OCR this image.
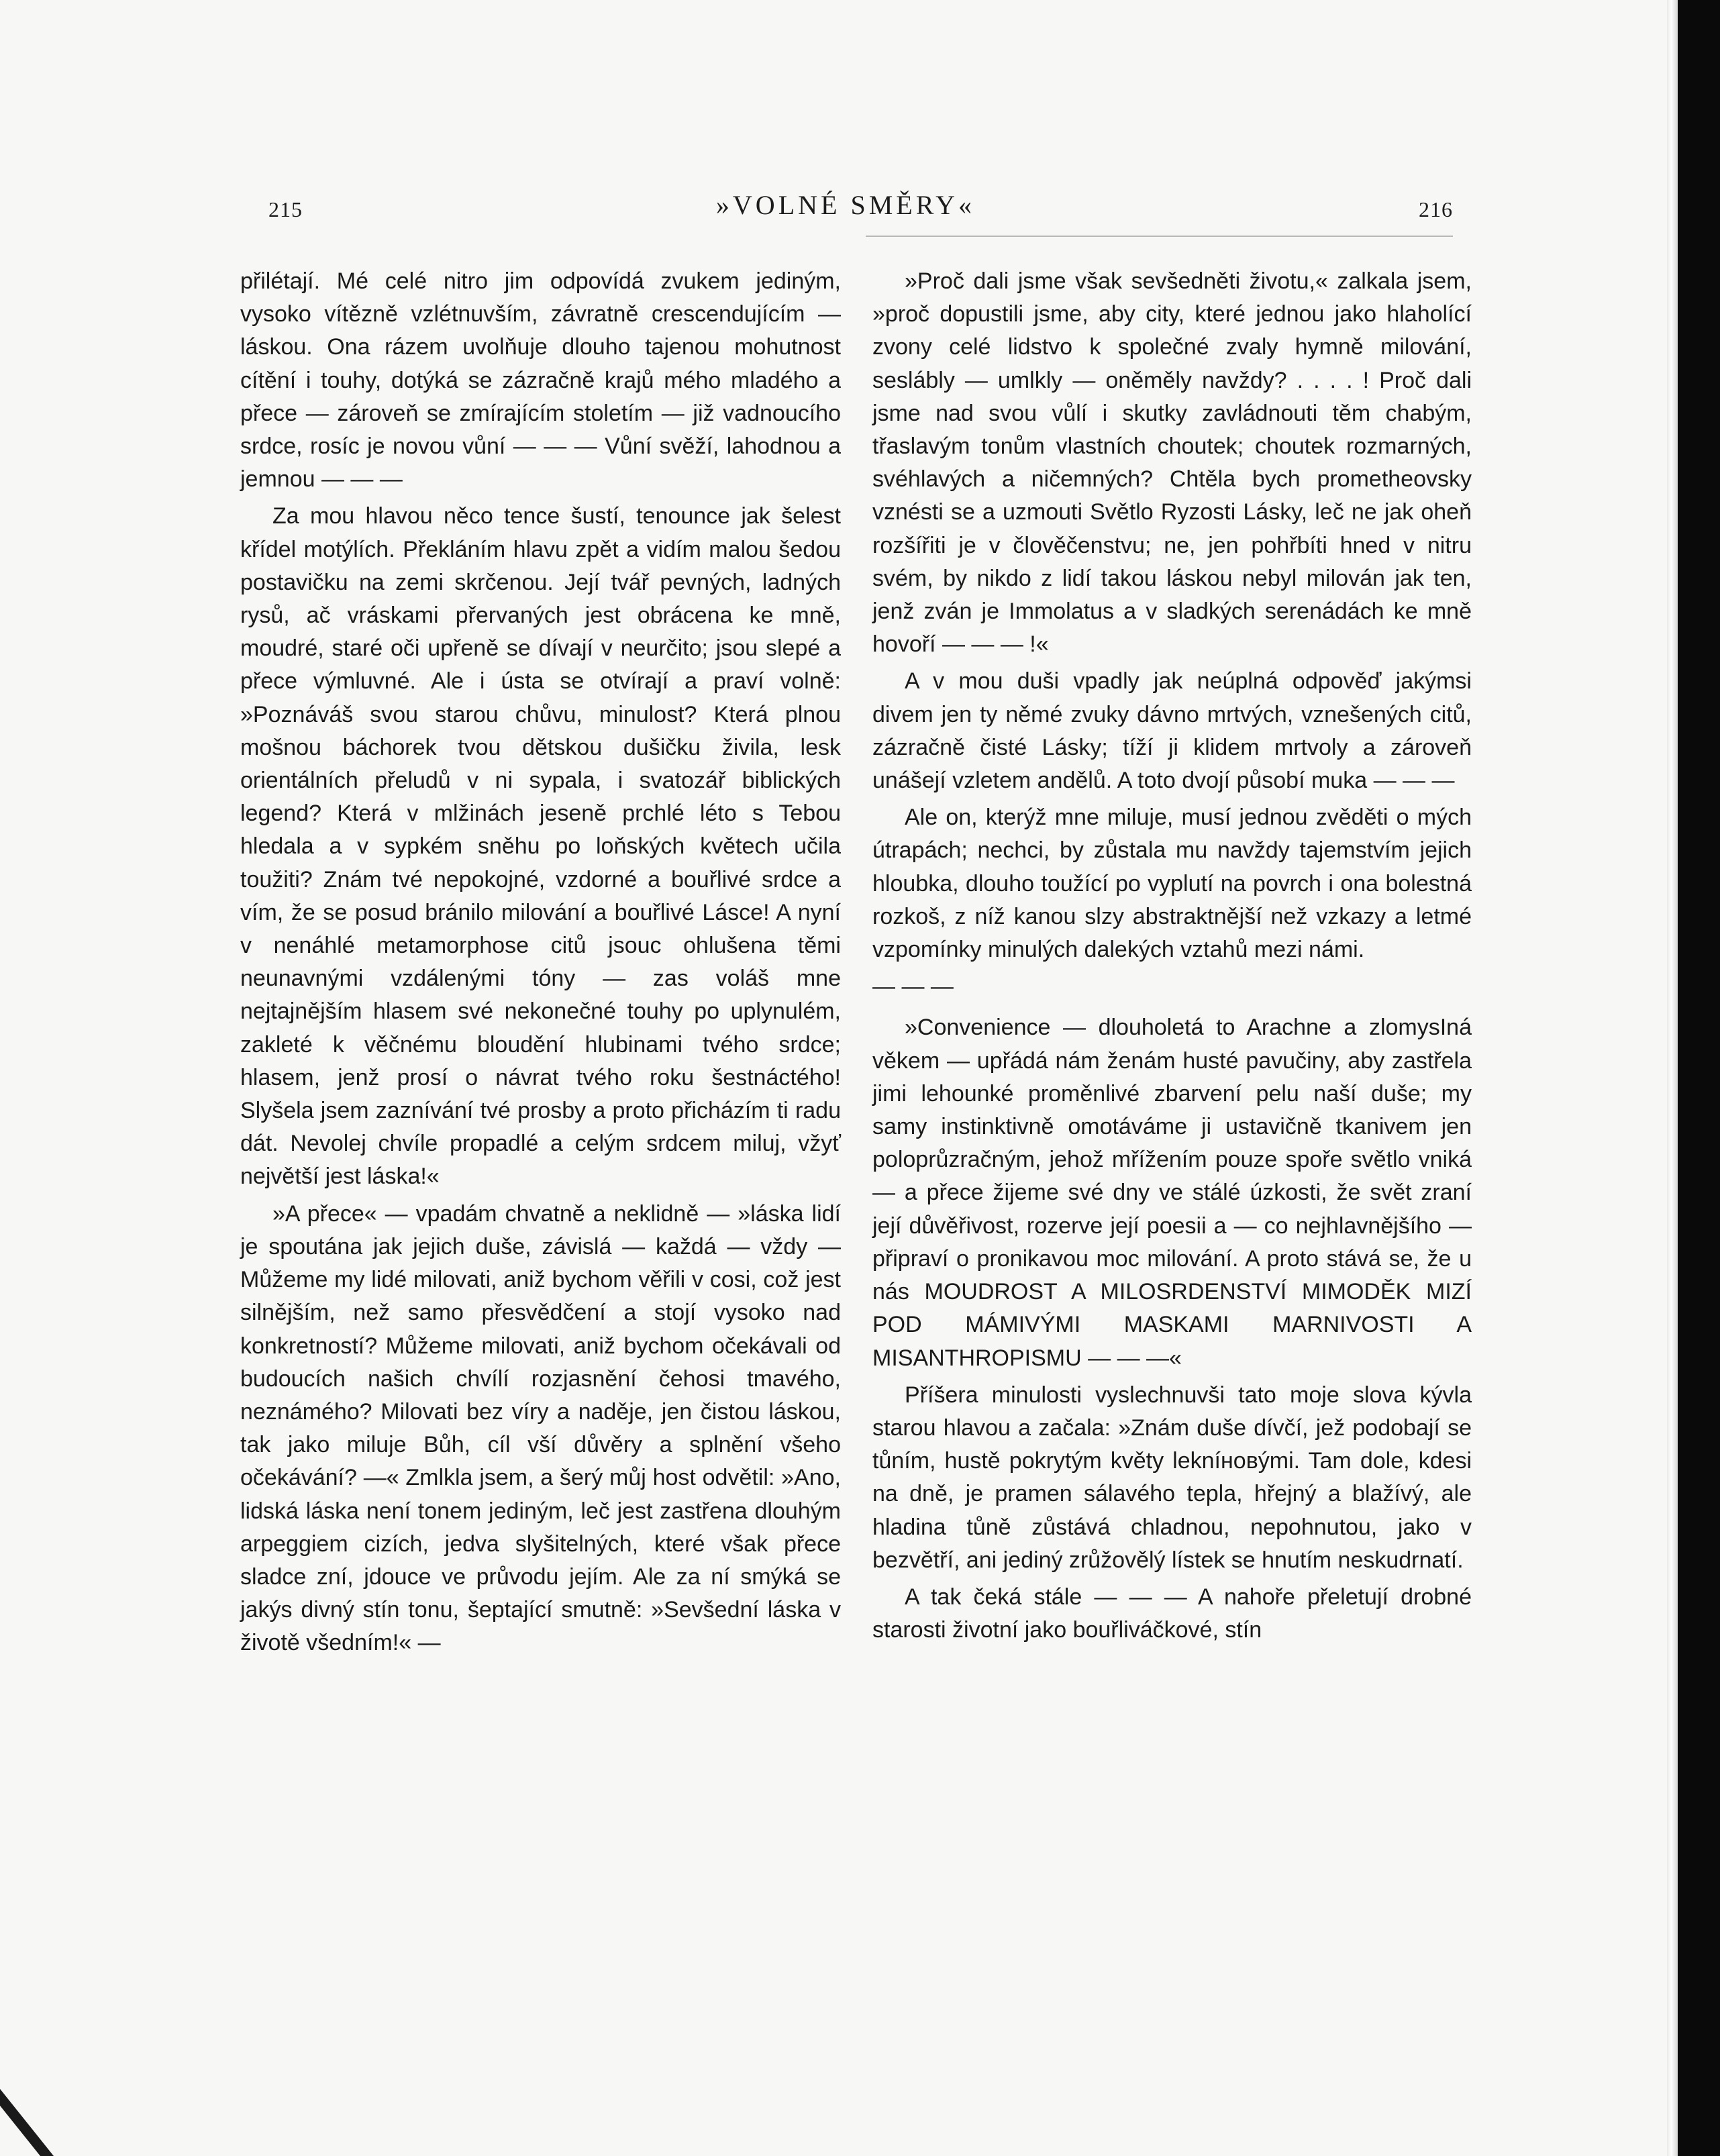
215	»VOLNÉ SMĚRY«	216

přilétají. Mé celé nitro jim odpovídá zvukem jediným, vysoko vítězně vzlétnuvším, závratně crescendujícím — láskou. Ona rázem uvolňuje dlouho tajenou mohutnost cítění i touhy, dotýká se zázračně krajů mého mladého a přece — zároveň se zmírajícím stoletím — již vadnoucího srdce, rosíc je novou vůní — — — Vůní svěží, lahodnou a jemnou — — —

Za mou hlavou něco tence šustí, tenounce jak šelest křídel motýlích. Překláním hlavu zpět a vidím malou šedou postavičku na zemi skrčenou. Její tvář pevných, ladných rysů, ač vráskami přervaných jest obrácena ke mně, moudré, staré oči upřeně se dívají v neurčito; jsou slepé a přece výmluvné. Ale i ústa se otvírají a praví volně: »Poznáváš svou starou chůvu, minulost? Která plnou mošnou báchorek tvou dětskou dušičku živila, lesk orientálních přeludů v ni sypala, i svatozář biblických legend? Která v mlžinách jeseně prchlé léto s Tebou hledala a v sypkém sněhu po loňských květech učila toužiti? Znám tvé nepokojné, vzdorné a bouřlivé srdce a vím, že se posud bránilo milování a bouřlivé Lásce! A nyní v nenáhlé metamorphose citů jsouc ohlušena těmi neunavnými vzdálenými tóny — zas voláš mne nejtajnějším hlasem své nekonečné touhy po uplynulém, zakleté k věčnému bloudění hlubinami tvého srdce; hlasem, jenž prosí o návrat tvého roku šestnáctého! Slyšela jsem zaznívání tvé prosby a proto přicházím ti radu dát. Nevolej chvíle propadlé a celým srdcem miluj, vžyť největší jest láska!«

»A přece« — vpadám chvatně a neklidně — »láska lidí je spoutána jak jejich duše, závislá — každá — vždy — Můžeme my lidé milovati, aniž bychom věřili v cosi, což jest silnějším, než samo přesvědčení a stojí vysoko nad konkretností? Můžeme milovati, aniž bychom očekávali od budoucích našich chvílí rozjasnění čehosi tmavého, neznámého? Milovati bez víry a naděje, jen čistou láskou, tak jako miluje Bůh, cíl vší důvěry a splnění všeho očekávání? —« Zmlkla jsem, a šerý můj host odvětil: »Ano, lidská láska není tonem jediným, leč jest zastřena dlouhým arpeggiem cizích, jedva slyšitelných, které však přece sladce zní, jdouce ve průvodu jejím. Ale za ní smýká se jakýs divný stín tonu, šeptající smutně: »Sevšední láska v životě všedním!« —

»Proč dali jsme však sevšedněti životu,« zalkala jsem, »proč dopustili jsme, aby city, které jednou jako hlaholící zvony celé lidstvo k společné zvaly hymně milování, seslábly — umlkly — oněměly navždy? . . . . ! Proč dali jsme nad svou vůlí i skutky zavládnouti těm chabým, třaslavým tonům vlastních choutek; choutek rozmarných, svéhlavých a ničemných? Chtěla bych prometheovsky vznésti se a uzmouti Světlo Ryzosti Lásky, leč ne jak oheň rozšířiti je v člověčenstvu; ne, jen pohřbíti hned v nitru svém, by nikdo z lidí takou láskou nebyl milován jak ten, jenž zván je Immolatus a v sladkých serenádách ke mně hovoří — — — !«

A v mou duši vpadly jak neúplná odpověď jakýmsi divem jen ty němé zvuky dávno mrtvých, vznešených citů, zázračně čisté Lásky; tíží ji klidem mrtvoly a zároveň unášejí vzletem andělů. A toto dvojí působí muka — — —

Ale on, kterýž mne miluje, musí jednou zvěděti o mých útrapách; nechci, by zůstala mu navždy tajemstvím jejich hloubka, dlouho toužící po vyplutí na povrch i ona bolestná rozkoš, z níž kanou slzy abstraktnější než vzkazy a letmé vzpomínky minulých dalekých vztahů mezi námi.

— — —

»Convenience — dlouholetá to Arachne a zlomysIná věkem — upřádá nám ženám husté pavučiny, aby zastřela jimi lehounké proměnlivé zbarvení pelu naší duše; my samy instinktivně omotáváme ji ustavičně tkanivem jen poloprůzračným, jehož mřížením pouze spoře světlo vniká — a přece žijeme své dny ve stálé úzkosti, že svět zraní její důvěřivost, rozerve její poesii a — co nejhlavnějšího — připraví o pronikavou moc milování. A proto stává se, že u nás MOUDROST A MILOSRDENSTVÍ MIMODĚK MIZÍ POD MÁMIVÝMI MASKAMI MARNIVOSTI A MISANTHROPISMU — — —«

Příšera minulosti vyslechnuvši tato moje slova kývla starou hlavou a začala: »Znám duše dívčí, jež podobají se tůním, hustě pokrytým květy lekníновými. Tam dole, kdesi na dně, je pramen sálavého tepla, hřejný a blažívý, ale hladina tůně zůstává chladnou, nepohnutou, jako v bezvětří, ani jediný zrůžovělý lístek se hnutím neskudrnatí.

A tak čeká stále — — — A nahoře přeletují drobné starosti životní jako bouřliváčkové, stín
